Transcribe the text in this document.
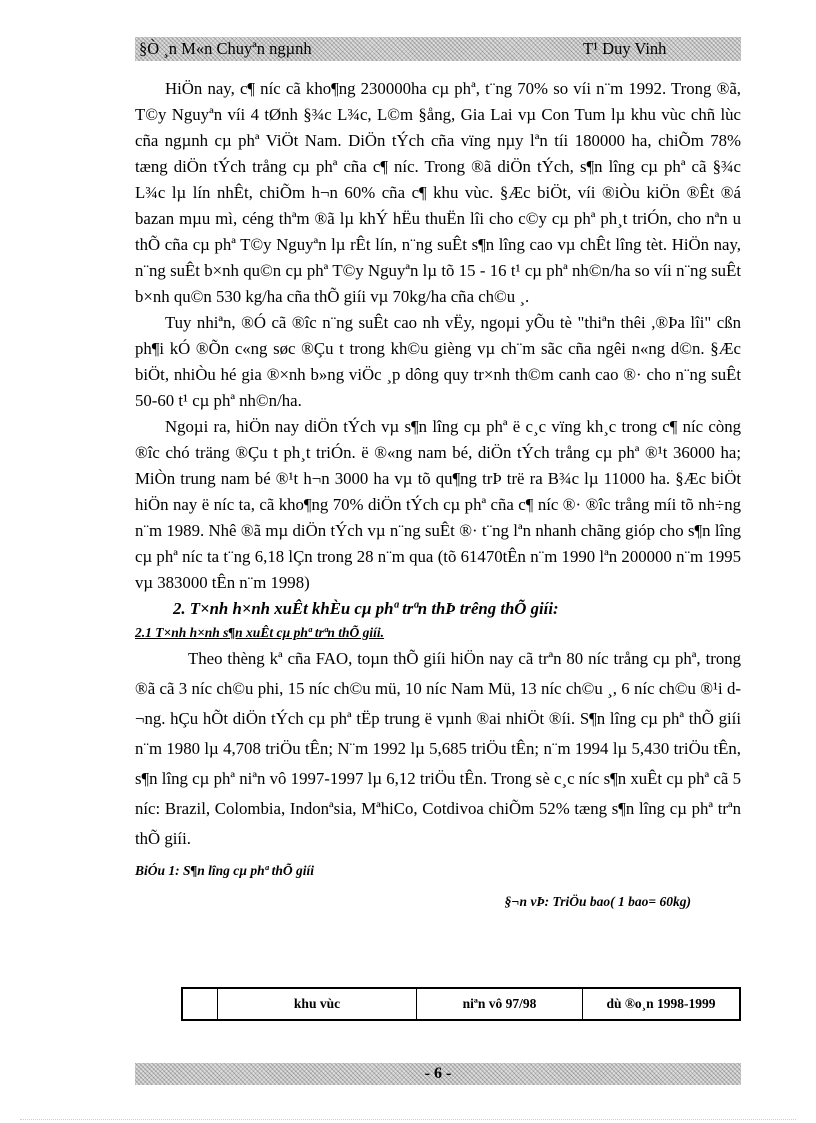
§Ò ¸n M«n Chuyªn ngµnh	T¹ Duy Vinh

HiÖn nay, c¶ níc cã kho¶ng 230000ha cµ phª, t¨ng 70% so víi n¨m 1992. Trong ®ã, T©y Nguyªn víi 4 tØnh §¾c L¾c, L©m §ång, Gia Lai vµ Con Tum lµ khu vùc chñ lùc cña ngµnh cµ phª ViÖt Nam. DiÖn tÝch cña vïng nµy lªn tíi 180000 ha, chiÕm 78% tæng diÖn tÝch trång cµ phª cña c¶ níc. Trong ®ã diÖn tÝch, s¶n lîng cµ phª cã §¾c L¾c lµ lín nhÊt, chiÕm h¬n 60% cña c¶ khu vùc. §Æc biÖt, víi ®iÒu kiÖn ®Êt ®á bazan mµu mì, céng thªm ®ã lµ khÝ hËu thuËn lîi cho c©y cµ phª ph¸t triÓn, cho nªn u thÕ cña cµ phª T©y Nguyªn lµ rÊt lín, n¨ng suÊt s¶n lîng cao vµ chÊt lîng tèt. HiÖn nay, n¨ng suÊt b×nh qu©n cµ phª T©y Nguyªn lµ tõ 15 - 16 t¹ cµ phª nh©n/ha so víi n¨ng suÊt b×nh qu©n 530 kg/ha cña thÕ giíi vµ 70kg/ha cña ch©u ¸.

Tuy nhiªn, ®Ó cã ®îc n¨ng suÊt cao nh vËy, ngoµi yÕu tè "thiªn thêi ,®Þa lîi" cßn ph¶i kÓ ®Õn c«ng søc ®Çu t trong kh©u gièng vµ ch¨m sãc cña ngêi n«ng d©n. §Æc biÖt, nhiÒu hé gia ®×nh b»ng viÖc ¸p dông quy tr×nh th©m canh cao ®· cho n¨ng suÊt 50-60 t¹ cµ phª nh©n/ha.

Ngoµi ra, hiÖn nay diÖn tÝch vµ s¶n lîng cµ phª ë c¸c vïng kh¸c trong c¶ níc còng ®îc chó träng ®Çu t ph¸t triÓn. ë ®«ng nam bé, diÖn tÝch trång cµ phª ®¹t 36000 ha; MiÒn trung nam bé ®¹t h¬n 3000 ha vµ tõ qu¶ng trÞ trë ra B¾c lµ 11000 ha. §Æc biÖt hiÖn nay ë níc ta, cã kho¶ng 70% diÖn tÝch cµ phª cña c¶ níc ®· ®îc trång míi tõ nh÷ng n¨m 1989. Nhê ®ã mµ diÖn tÝch vµ n¨ng suÊt ®· t¨ng lªn nhanh chãng gióp cho s¶n lîng cµ phª níc ta t¨ng 6,18 lÇn trong 28 n¨m qua (tõ 61470tÊn n¨m 1990 lªn 200000 n¨m 1995 vµ 383000 tÊn n¨m 1998)

2. T×nh h×nh xuÊt khÈu cµ phª trªn thÞ trêng thÕ giíi:

2.1 T×nh h×nh s¶n xuÊt cµ phª trªn thÕ giíi.

Theo thèng kª cña FAO, toµn thÕ giíi hiÖn nay cã trªn 80 níc trång cµ phª, trong ®ã cã 3 níc ch©u phi, 15 níc ch©u mü, 10 níc Nam Mü, 13 níc ch©u ¸, 6 níc ch©u ®¹i d¬ng. hÇu hÕt diÖn tÝch cµ phª tËp trung ë vµnh ®ai nhiÖt ®íi. S¶n lîng cµ phª thÕ giíi n¨m 1980 lµ 4,708 triÖu tÊn; N¨m 1992 lµ 5,685 triÖu tÊn; n¨m 1994 lµ 5,430 triÖu tÊn, s¶n lîng cµ phª niªn vô 1997-1997 lµ 6,12 triÖu tÊn. Trong sè c¸c níc s¶n xuÊt cµ phª cã 5 níc: Brazil, Colombia, Indonªsia, MªhiCo, Cotdivoa chiÕm 52% tæng s¶n lîng cµ phª trªn thÕ giíi.

BiÓu 1: S¶n lîng cµ phª thÕ giíi

§¬n vÞ: TriÖu bao( 1 bao= 60kg)

	khu vùc	niªn vô 97/98	dù ®o¸n 1998-1999
- 6 -
